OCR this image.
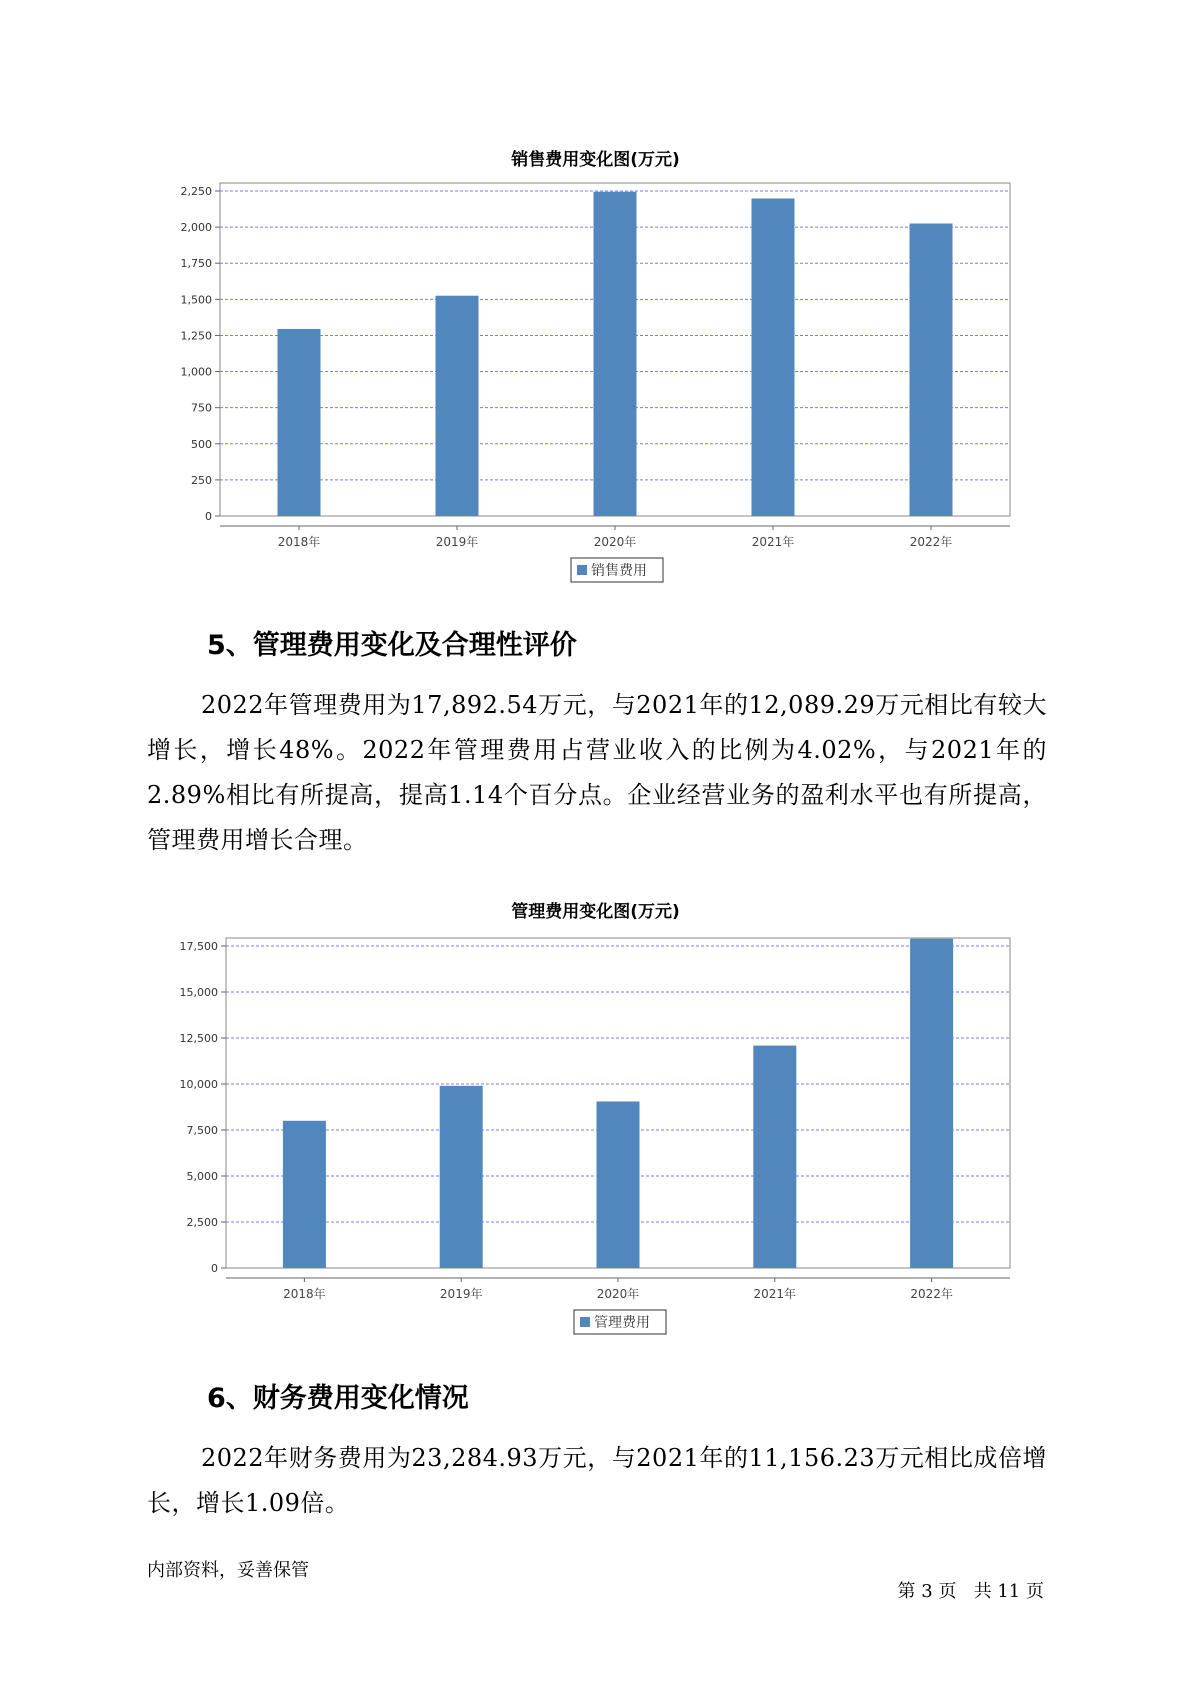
销售费用变化图(万元)
0
250
500
750
1,000
1,250
1,500
1,750
2,000
2,250
2018年	2019年	2020年	2021年	2022年
销售费用
5、管理费用变化及合理性评价

2022年管理费用为17,892.54万元，与2021年的12,089.29万元相比有较大增长，增长48%。2022年管理费用占营业收入的比例为4.02%，与2021年的2.89%相比有所提高，提高1.14个百分点。企业经营业务的盈利水平也有所提高，管理费用增长合理。

管理费用变化图(万元)
0
2,500
5,000
7,500
10,000
12,500
15,000
17,500
2018年	2019年	2020年	2021年	2022年
管理费用
6、财务费用变化情况

2022年财务费用为23,284.93万元，与2021年的11,156.23万元相比成倍增长，增长1.09倍。

内部资料，妥善保管

第 3 页 共 11 页
